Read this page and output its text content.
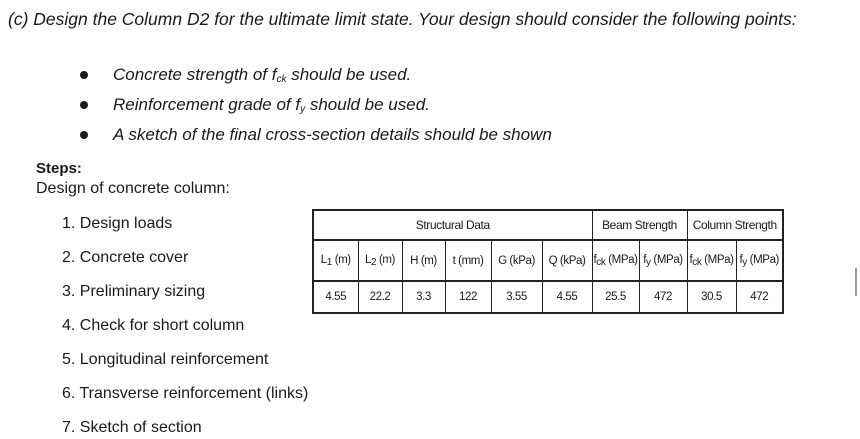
(c) Design the Column D2 for the ultimate limit state. Your design should consider the following points:
Concrete strength of $f_{ck}$ should be used.
Reinforcement grade of $f_y$ should be used.
A sketch of the final cross-section details should be shown
Steps:
Design of concrete column:
1. Design loads
2. Concrete cover
3. Preliminary sizing
4. Check for short column
5. Longitudinal reinforcement
6. Transverse reinforcement (links)
7. Sketch of section
Structural Data						Beam Strength		Column Strength	
$L_1$ (m)	$L_2$ (m)	H (m)	t (mm)	G (kPa)	Q (kPa)	$f_{ck}$ (MPa)	$f_y$ (MPa)	$f_{ck}$ (MPa)	$f_y$ (MPa)
4.55	22.2	3.3	122	3.55	4.55	25.5	472	30.5	472
